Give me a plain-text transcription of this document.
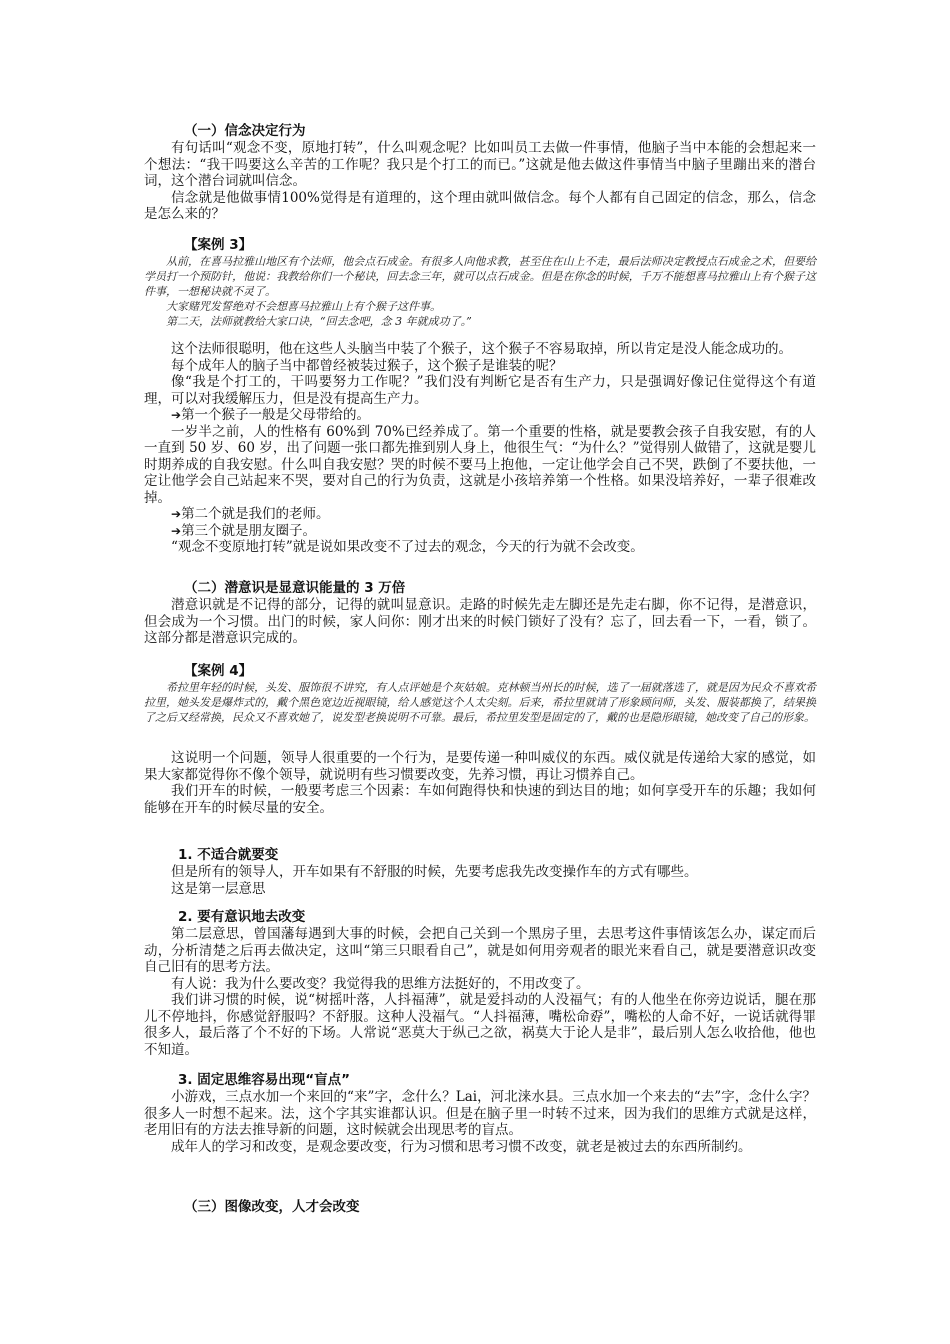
（一）信念决定行为

有句话叫“观念不变，原地打转”，什么叫观念呢？比如叫员工去做一件事情，他脑子当中本能的会想起来一个想法：“我干吗要这么辛苦的工作呢？我只是个打工的而已。”这就是他去做这件事情当中脑子里蹦出来的潜台词，这个潜台词就叫信念。

信念就是他做事情100%觉得是有道理的，这个理由就叫做信念。每个人都有自己固定的信念，那么，信念是怎么来的？

【案例 3】

从前，在喜马拉雅山地区有个法师，他会点石成金。有很多人向他求教，甚至住在山上不走，最后法师决定教授点石成金之术，但要给学员打一个预防针，他说：我教给你们一个秘诀，回去念三年，就可以点石成金。但是在你念的时候，千万不能想喜马拉雅山上有个猴子这件事，一想秘诀就不灵了。

大家赌咒发誓绝对不会想喜马拉雅山上有个猴子这件事。

第二天，法师就教给大家口诀，“回去念吧，念 3 年就成功了。”

这个法师很聪明，他在这些人头脑当中装了个猴子，这个猴子不容易取掉，所以肯定是没人能念成功的。

每个成年人的脑子当中都曾经被装过猴子，这个猴子是谁装的呢？

像“我是个打工的，干吗要努力工作呢？”我们没有判断它是否有生产力，只是强调好像记住觉得这个有道理，可以对我缓解压力，但是没有提高生产力。

➔第一个猴子一般是父母带给的。

一岁半之前，人的性格有 60%到 70%已经养成了。第一个重要的性格，就是要教会孩子自我安慰，有的人一直到 50 岁、60 岁，出了问题一张口都先推到别人身上，他很生气：“为什么？”觉得别人做错了，这就是婴儿时期养成的自我安慰。什么叫自我安慰？哭的时候不要马上抱他，一定让他学会自己不哭，跌倒了不要扶他，一定让他学会自己站起来不哭，要对自己的行为负责，这就是小孩培养第一个性格。如果没培养好，一辈子很难改掉。

➔第二个就是我们的老师。

➔第三个就是朋友圈子。

“观念不变原地打转”就是说如果改变不了过去的观念，今天的行为就不会改变。

（二）潜意识是显意识能量的 3 万倍

潜意识就是不记得的部分，记得的就叫显意识。走路的时候先走左脚还是先走右脚，你不记得，是潜意识，但会成为一个习惯。出门的时候，家人问你：刚才出来的时候门锁好了没有？忘了，回去看一下，一看，锁了。这部分都是潜意识完成的。

【案例 4】

希拉里年轻的时候，头发、服饰很不讲究，有人点评她是个灰姑娘。克林顿当州长的时候，选了一届就落选了，就是因为民众不喜欢希拉里，她头发是爆炸式的，戴个黑色宽边近视眼镜，给人感觉这个人太尖刻。后来，希拉里就请了形象顾问师，头发、服装都换了，结果换了之后又经常换，民众又不喜欢她了，说发型老换说明不可靠。最后，希拉里发型是固定的了，戴的也是隐形眼镜，她改变了自己的形象。

这说明一个问题，领导人很重要的一个行为，是要传递一种叫威仪的东西。威仪就是传递给大家的感觉，如果大家都觉得你不像个领导，就说明有些习惯要改变，先养习惯，再让习惯养自己。

我们开车的时候，一般要考虑三个因素：车如何跑得快和快速的到达目的地；如何享受开车的乐趣；我如何能够在开车的时候尽量的安全。

1. 不适合就要变

但是所有的领导人，开车如果有不舒服的时候，先要考虑我先改变操作车的方式有哪些。

这是第一层意思

2. 要有意识地去改变

第二层意思，曾国藩每遇到大事的时候，会把自己关到一个黑房子里，去思考这件事情该怎么办，谋定而后动，分析清楚之后再去做决定，这叫“第三只眼看自己”，就是如何用旁观者的眼光来看自己，就是要潜意识改变自己旧有的思考方法。

有人说：我为什么要改变？我觉得我的思维方法挺好的，不用改变了。

我们讲习惯的时候，说“树摇叶落，人抖福薄”，就是爱抖动的人没福气；有的人他坐在你旁边说话，腿在那儿不停地抖，你感觉舒服吗？不舒服。这种人没福气。“人抖福薄，嘴松命孬”，嘴松的人命不好，一说话就得罪很多人，最后落了个不好的下场。人常说“恶莫大于纵己之欲，祸莫大于论人是非”，最后别人怎么收拾他，他也不知道。

3. 固定思维容易出现“盲点”

小游戏，三点水加一个来回的“来”字，念什么？Lai，河北涞水县。三点水加一个来去的“去”字，念什么字？很多人一时想不起来。法，这个字其实谁都认识。但是在脑子里一时转不过来，因为我们的思维方式就是这样，老用旧有的方法去推导新的问题，这时候就会出现思考的盲点。

成年人的学习和改变，是观念要改变，行为习惯和思考习惯不改变，就老是被过去的东西所制约。

（三）图像改变，人才会改变
